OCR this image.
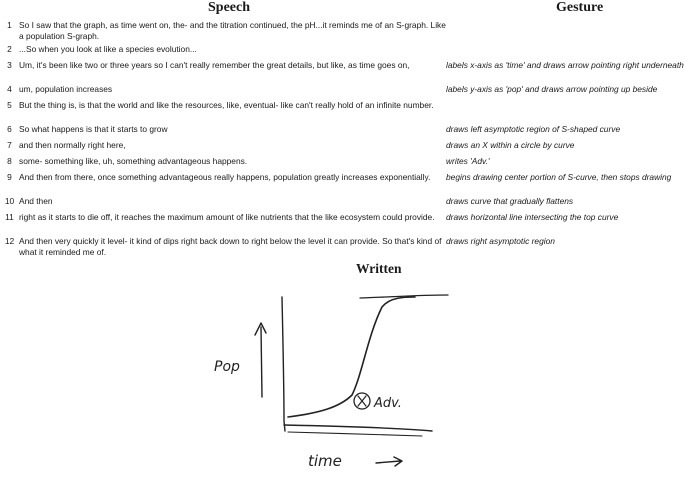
Speech	Gesture
1	So I saw that the graph, as time went on, the- and the titration continued, the pH...it reminds me of an S-graph. Like a population S-graph.	
2	...So when you look at like a species evolution...	
3	Um, it's been like two or three years so I can't really remember the great details, but like, as time goes on,	labels x-axis as 'time' and draws arrow pointing right underneath
4	um, population increases	labels y-axis as 'pop' and draws arrow pointing up beside
5	But the thing is, is that the world and like the resources, like, eventual- like can't really hold of an infinite number.	
6	So what happens is that it starts to grow	draws left asymptotic region of S-shaped curve
7	and then normally right here,	draws an X within a circle by curve
8	some- something like, uh, something advantageous happens.	writes 'Adv.'
9	And then from there, once something advantageous really happens, population greatly increases exponentially.	begins drawing center portion of S-curve, then stops drawing
10	And then	draws curve that gradually flattens
11	right as it starts to die off, it reaches the maximum amount of like nutrients that the like ecosystem could provide.	draws horizontal line intersecting the top curve
12	And then very quickly it level- it kind of dips right back down to right below the level it can provide. So that's kind of what it reminded me of.	draws right asymptotic region
Written
Pop
Adv.
time
